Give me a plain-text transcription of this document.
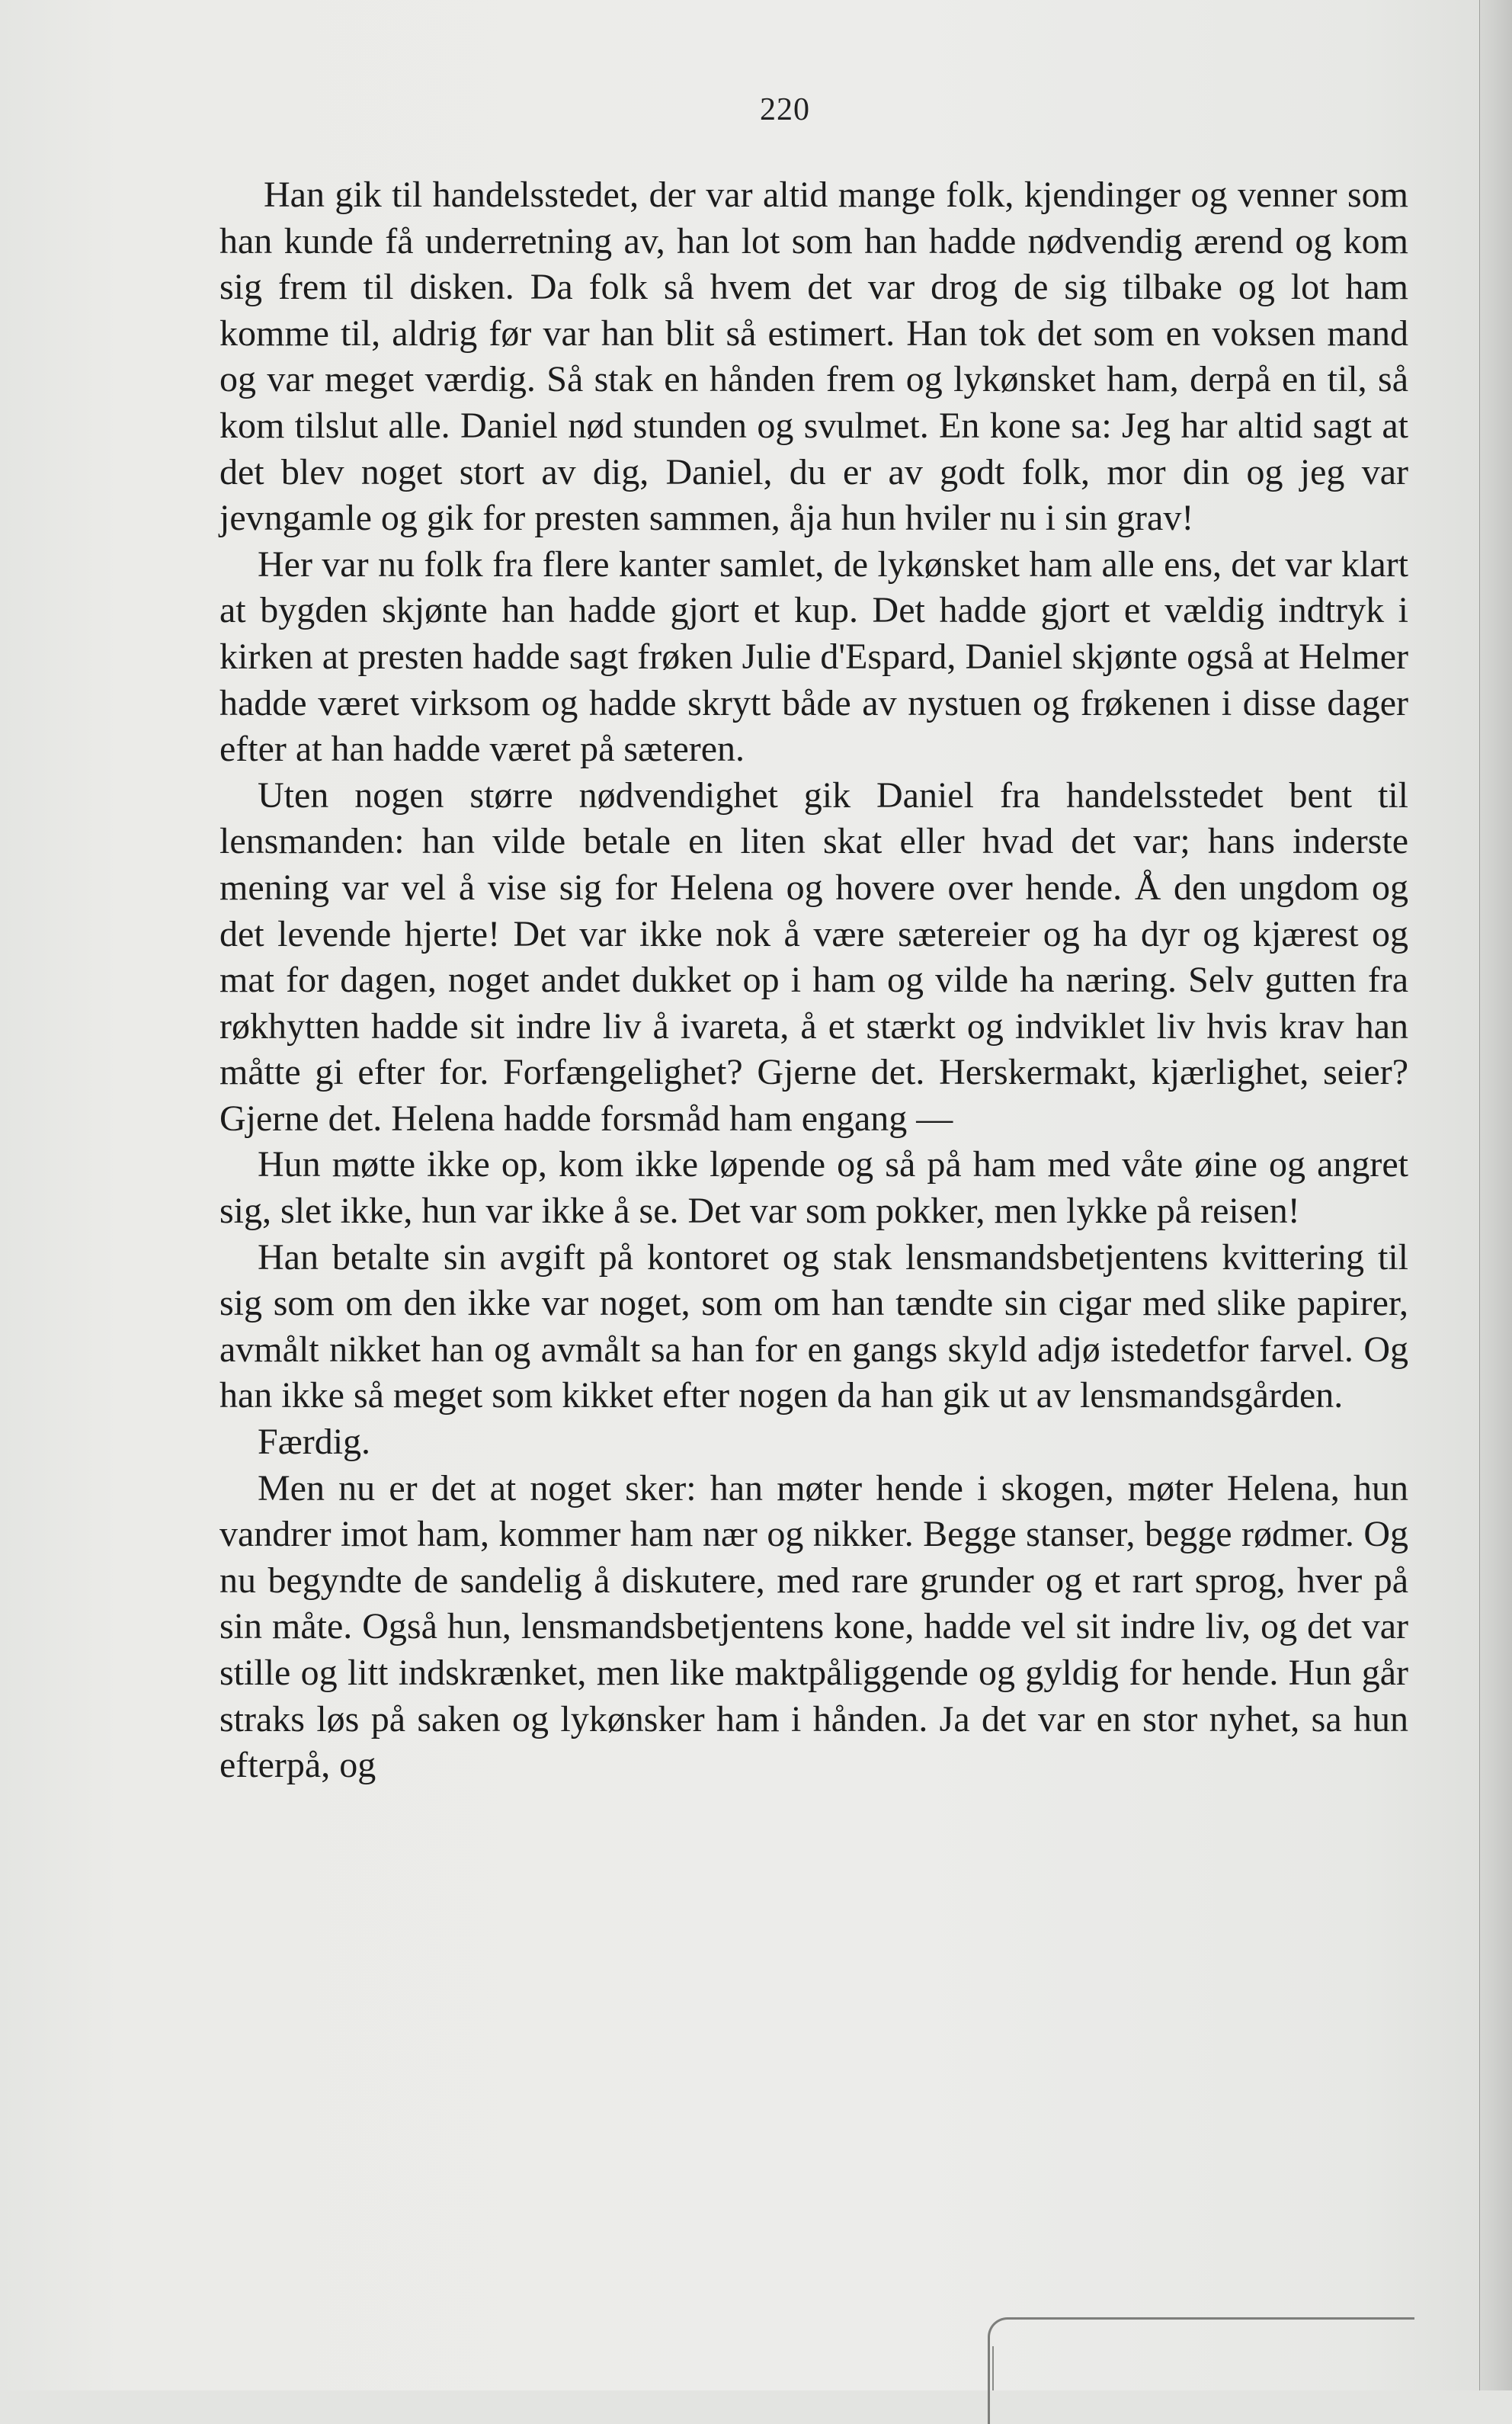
220

Han gik til handelsstedet, der var altid mange folk, kjendinger og venner som han kunde få underretning av, han lot som han hadde nødvendig ærend og kom sig frem til disken. Da folk så hvem det var drog de sig tilbake og lot ham komme til, aldrig før var han blit så estimert. Han tok det som en voksen mand og var meget værdig. Så stak en hånden frem og lykønsket ham, derpå en til, så kom tilslut alle. Daniel nød stunden og svulmet. En kone sa: Jeg har altid sagt at det blev noget stort av dig, Daniel, du er av godt folk, mor din og jeg var jevngamle og gik for presten sammen, åja hun hviler nu i sin grav!

Her var nu folk fra flere kanter samlet, de lykønsket ham alle ens, det var klart at bygden skjønte han hadde gjort et kup. Det hadde gjort et vældig indtryk i kirken at presten hadde sagt frøken Julie d'Espard, Daniel skjønte også at Helmer hadde været virksom og hadde skrytt både av nystuen og frøkenen i disse dager efter at han hadde været på sæteren.

Uten nogen større nødvendighet gik Daniel fra handelsstedet bent til lensmanden: han vilde betale en liten skat eller hvad det var; hans inderste mening var vel å vise sig for Helena og hovere over hende. Å den ungdom og det levende hjerte! Det var ikke nok å være sætereier og ha dyr og kjærest og mat for dagen, noget andet dukket op i ham og vilde ha næring. Selv gutten fra røkhytten hadde sit indre liv å ivareta, å et stærkt og indviklet liv hvis krav han måtte gi efter for. Forfængelighet? Gjerne det. Herskermakt, kjærlighet, seier? Gjerne det. Helena hadde forsmåd ham engang —

Hun møtte ikke op, kom ikke løpende og så på ham med våte øine og angret sig, slet ikke, hun var ikke å se. Det var som pokker, men lykke på reisen!

Han betalte sin avgift på kontoret og stak lensmandsbetjentens kvittering til sig som om den ikke var noget, som om han tændte sin cigar med slike papirer, avmålt nikket han og avmålt sa han for en gangs skyld adjø istedetfor farvel. Og han ikke så meget som kikket efter nogen da han gik ut av lensmandsgården.

Færdig.

Men nu er det at noget sker: han møter hende i skogen, møter Helena, hun vandrer imot ham, kommer ham nær og nikker. Begge stanser, begge rødmer. Og nu begyndte de sandelig å diskutere, med rare grunder og et rart sprog, hver på sin måte. Også hun, lensmandsbetjentens kone, hadde vel sit indre liv, og det var stille og litt indskrænket, men like maktpåliggende og gyldig for hende. Hun går straks løs på saken og lykønsker ham i hånden. Ja det var en stor nyhet, sa hun efterpå, og
